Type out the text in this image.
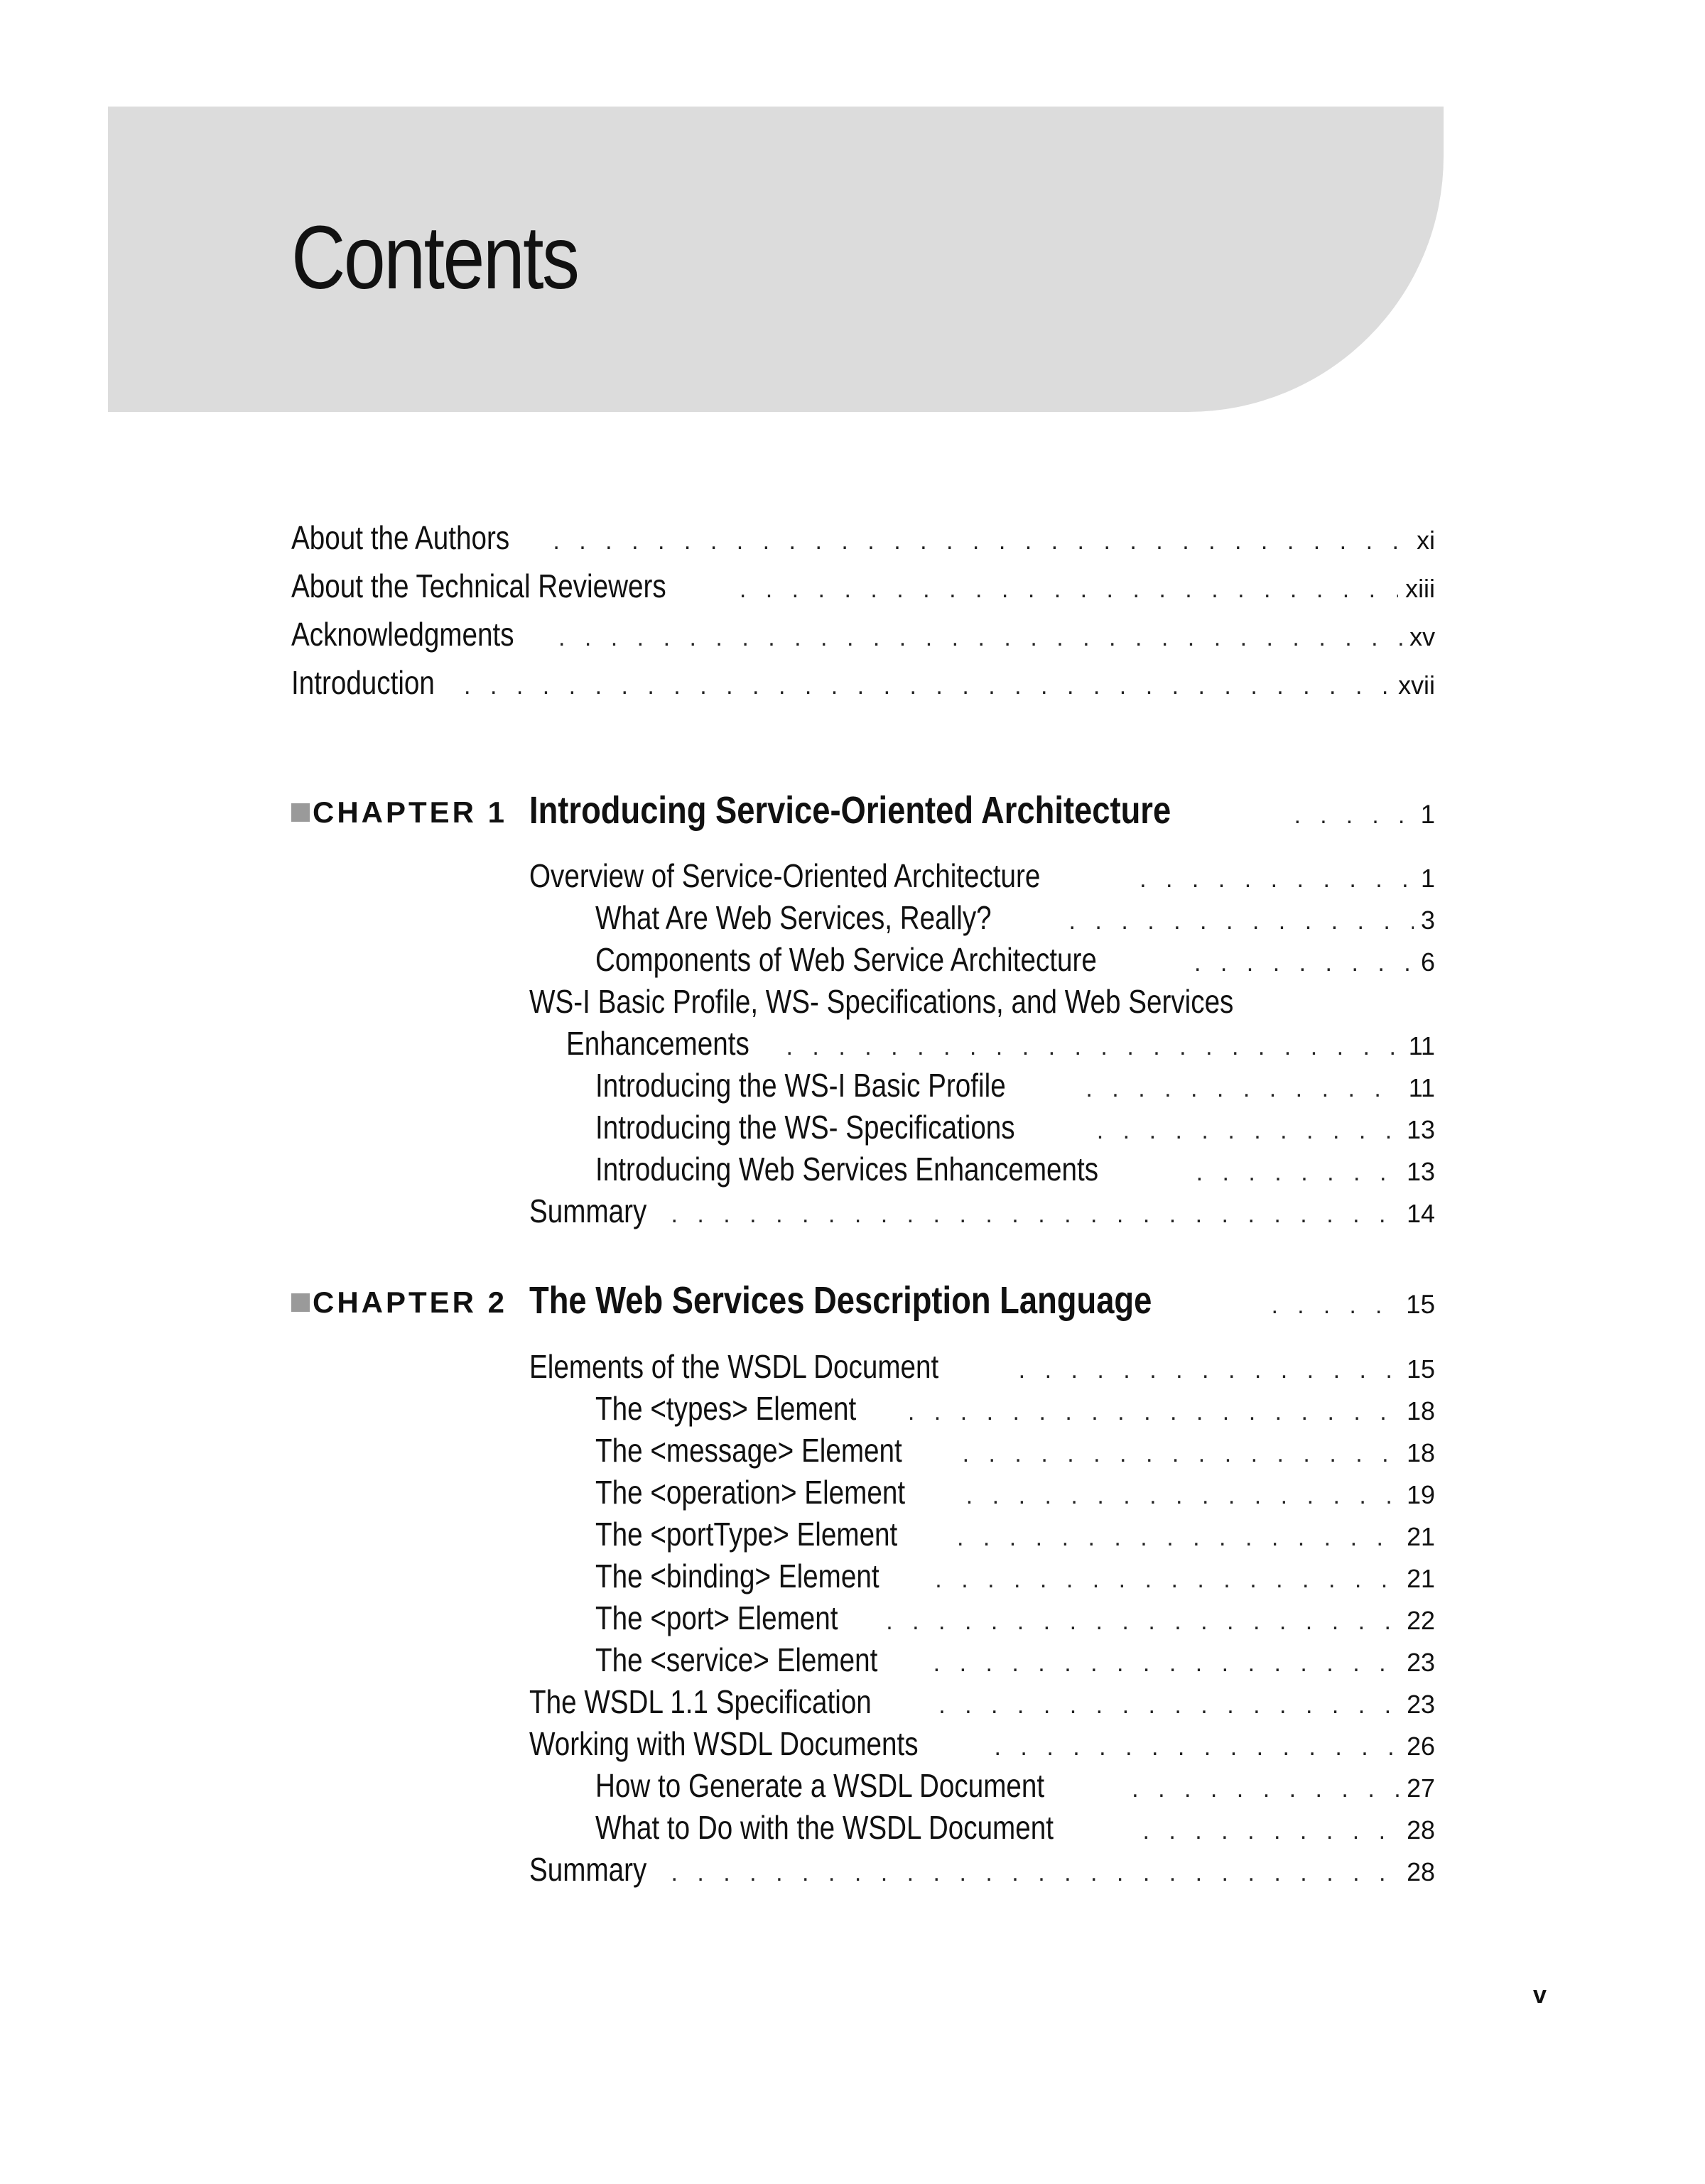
Contents
About the Authors . . .	xi
About the Technical Reviewers . . .	xiii
Acknowledgments . . .	xv
Introduction . . .	xvii
CHAPTER 1 Introducing Service-Oriented Architecture . . .	1
Overview of Service-Oriented Architecture . . .	1
What Are Web Services, Really? . . .	3
Components of Web Service Architecture . . .	6
WS-I Basic Profile, WS- Specifications, and Web Services
Enhancements . . .	11
Introducing the WS-I Basic Profile . . .	11
Introducing the WS- Specifications . . .	13
Introducing Web Services Enhancements . . .	13
Summary . . .	14
CHAPTER 2 The Web Services Description Language . . .	15
Elements of the WSDL Document . . .	15
The <types> Element . . .	18
The <message> Element . . .	18
The <operation> Element . . .	19
The <portType> Element . . .	21
The <binding> Element . . .	21
The <port> Element . . .	22
The <service> Element . . .	23
The WSDL 1.1 Specification . . .	23
Working with WSDL Documents . . .	26
How to Generate a WSDL Document . . .	27
What to Do with the WSDL Document . . .	28
Summary . . .	28
v
